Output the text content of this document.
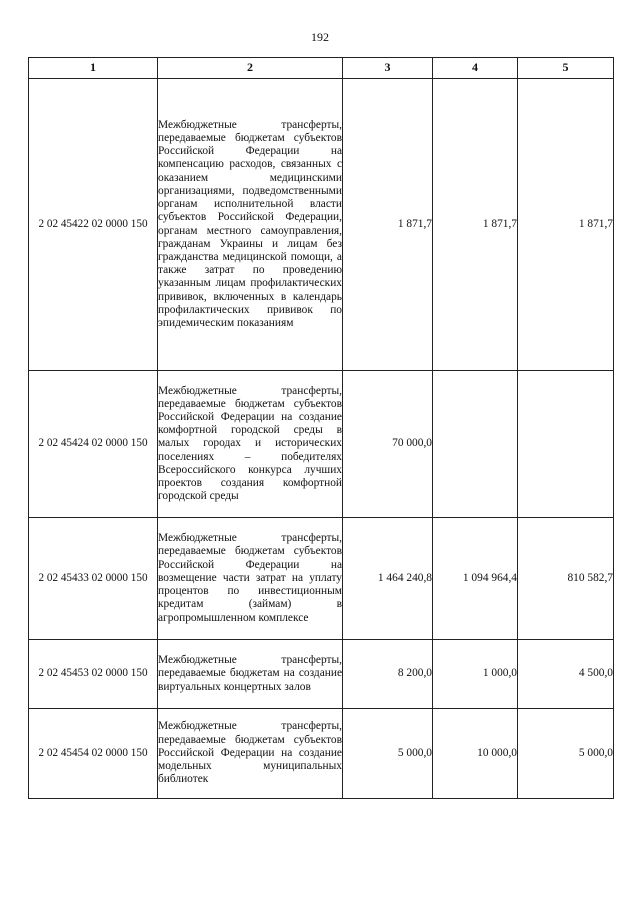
192
1	2	3	4	5
2 02 45422 02 0000 150	Межбюджетные трансферты, передаваемые бюджетам субъектов Российской Федерации на компенсацию расходов, связанных с оказанием медицинскими организациями, подведомственными органам исполнительной власти субъектов Российской Федерации, органам местного самоуправления, гражданам Украины и лицам без гражданства медицинской помощи, а также затрат по проведению указанным лицам профилактических прививок, включенных в календарь профилактических прививок по эпидемическим показаниям	1 871,7	1 871,7	1 871,7
2 02 45424 02 0000 150	Межбюджетные трансферты, передаваемые бюджетам субъектов Российской Федерации на создание комфортной городской среды в малых городах и исторических поселениях – победителях Всероссийского конкурса лучших проектов создания комфортной городской среды	70 000,0		
2 02 45433 02 0000 150	Межбюджетные трансферты, передаваемые бюджетам субъектов Российской Федерации на возмещение части затрат на уплату процентов по инвестиционным кредитам (займам) в агропромышленном комплексе	1 464 240,8	1 094 964,4	810 582,7
2 02 45453 02 0000 150	Межбюджетные трансферты, передаваемые бюджетам на создание виртуальных концертных залов	8 200,0	1 000,0	4 500,0
2 02 45454 02 0000 150	Межбюджетные трансферты, передаваемые бюджетам субъектов Российской Федерации на создание модельных муниципальных библиотек	5 000,0	10 000,0	5 000,0
